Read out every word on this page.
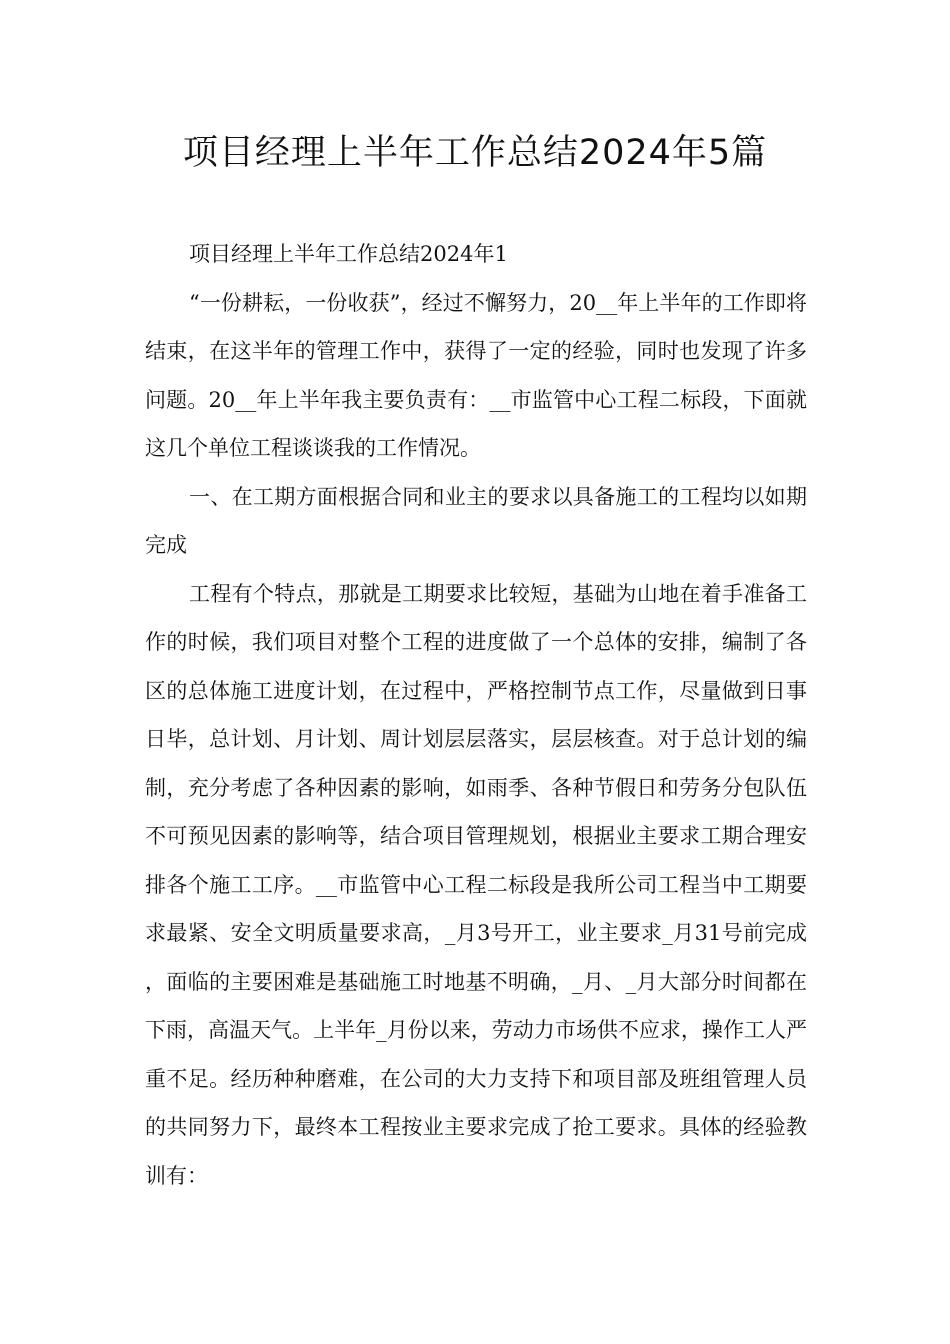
项目经理上半年工作总结2024年5篇

项目经理上半年工作总结2024年1

“一份耕耘，一份收获”，经过不懈努力，20__年上半年的工作即将结束，在这半年的管理工作中，获得了一定的经验，同时也发现了许多问题。20__年上半年我主要负责有：__市监管中心工程二标段，下面就这几个单位工程谈谈我的工作情况。

一、在工期方面根据合同和业主的要求以具备施工的工程均以如期完成

工程有个特点，那就是工期要求比较短，基础为山地在着手准备工作的时候，我们项目对整个工程的进度做了一个总体的安排，编制了各区的总体施工进度计划，在过程中，严格控制节点工作，尽量做到日事日毕，总计划、月计划、周计划层层落实，层层核查。对于总计划的编制，充分考虑了各种因素的影响，如雨季、各种节假日和劳务分包队伍不可预见因素的影响等，结合项目管理规划，根据业主要求工期合理安排各个施工工序。__市监管中心工程二标段是我所公司工程当中工期要求最紧、安全文明质量要求高，_月3号开工，业主要求_月31号前完成，面临的主要困难是基础施工时地基不明确，_月、_月大部分时间都在下雨，高温天气。上半年_月份以来，劳动力市场供不应求，操作工人严重不足。经历种种磨难，在公司的大力支持下和项目部及班组管理人员的共同努力下，最终本工程按业主要求完成了抢工要求。具体的经验教训有：
